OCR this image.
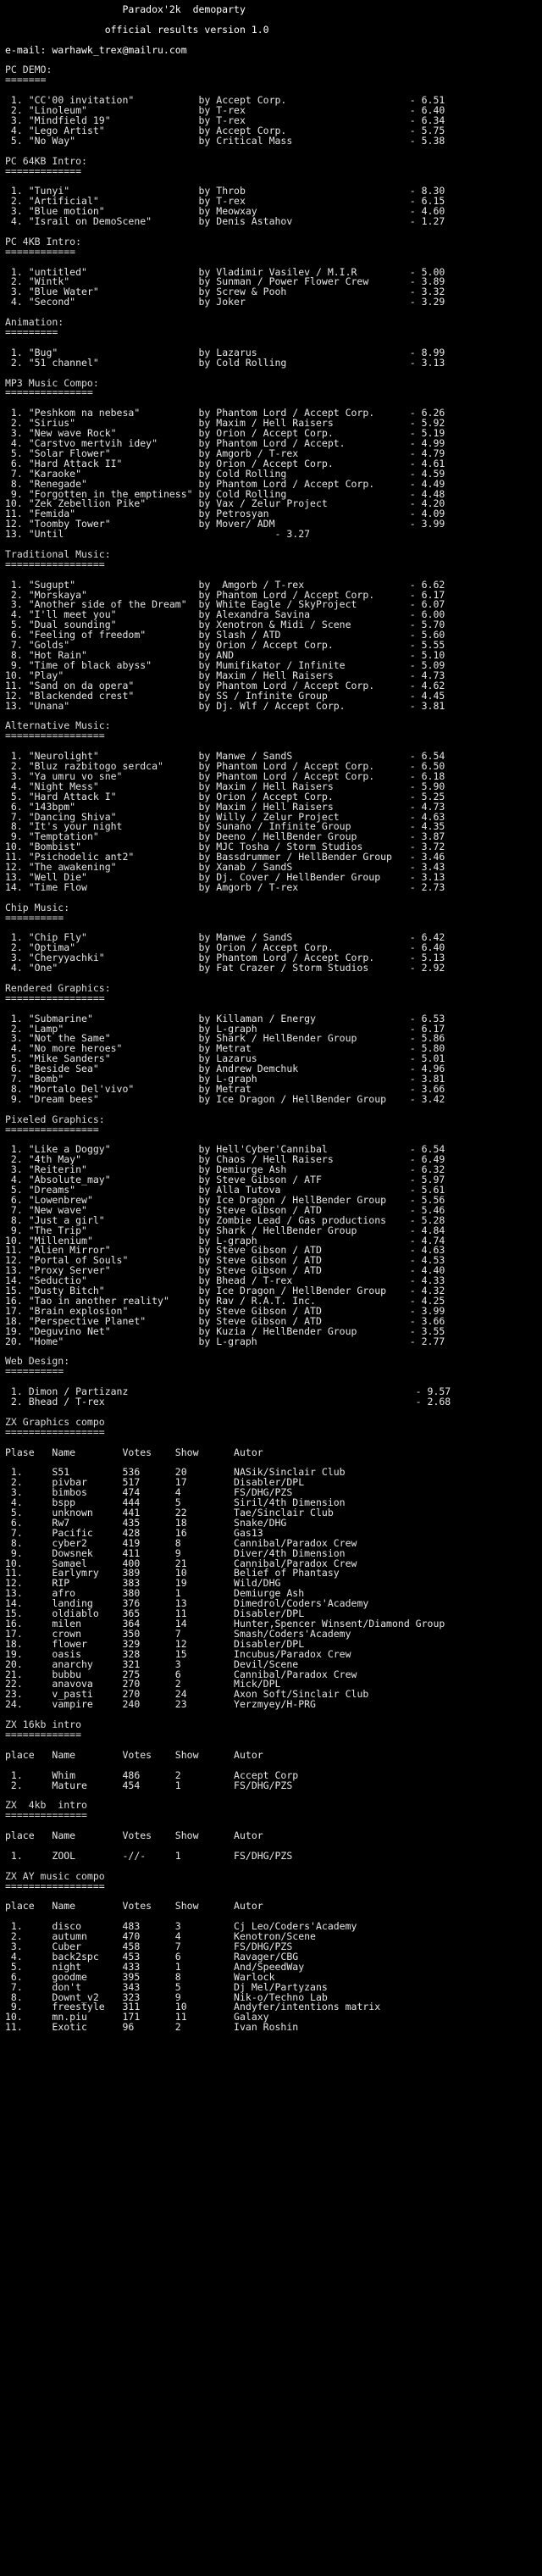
Paradox'2k  demoparty

official results version 1.0

e-mail: warhawk_trex@mailru.com

PC DEMO:
=======

1. "CC'00 invitation"           by Accept Corp.                     - 6.51
2. "Linoleum"                   by T-rex                            - 6.40
3. "Mindfield 19"               by T-rex                            - 6.34
4. "Lego Artist"                by Accept Corp.                     - 5.75
5. "No Way"                     by Critical Mass                    - 5.38

PC 64KB Intro:
=============

1. "Tunyi"                      by Throb                            - 8.30
2. "Artificial"                 by T-rex                            - 6.15
3. "Blue motion"                by Meowxay                          - 4.60
4. "Israil on DemoScene"        by Denis Astahov                    - 1.27

PC 4KB Intro:
============

1. "untitled"                   by Vladimir Vasilev / M.I.R         - 5.00
2. "Wintk"                      by Sunman / Power Flower Crew       - 3.89
3. "Blue Water"                 by Screw & Pooh                     - 3.32
4. "Second"                     by Joker                            - 3.29

Animation:
=========

1. "Bug"                        by Lazarus                          - 8.99
2. "51 channel"                 by Cold Rolling                     - 3.13

MP3 Music Compo:
===============

1. "Peshkom na nebesa"          by Phantom Lord / Accept Corp.      - 6.26
2. "Sirius"                     by Maxim / Hell Raisers             - 5.92
3. "New wave Rock"              by Orion / Accept Corp.             - 5.19
4. "Carstvo mertvih idey"       by Phantom Lord / Accept.           - 4.99
5. "Solar Flower"               by Amgorb / T-rex                   - 4.79
6. "Hard Attack II"             by Orion / Accept Corp.             - 4.61
7. "Karaoke"                    by Cold Rolling                     - 4.59
8. "Renegade"                   by Phantom Lord / Accept Corp.      - 4.49
9. "Forgotten in the emptiness" by Cold Rolling                     - 4.48
10. "Zek Zebellion Pike"         by Vax / Zelur Project              - 4.20
11. "Femida"                     by Petrosyan                        - 4.09
12. "Toomby Tower"               by Mover/ ADM                       - 3.99
13. "Until                                    - 3.27

Traditional Music:
=================

1. "Sugupt"                     by  Amgorb / T-rex                  - 6.62
2. "Morskaya"                   by Phantom Lord / Accept Corp.      - 6.17
3. "Another side of the Dream"  by White Eagle / SkyProject         - 6.07
4. "I'll meet you"              by Alexandra Savina                 - 6.00
5. "Dual sounding"              by Xenotron & Midi / Scene          - 5.70
6. "Feeling of freedom"         by Slash / ATD                      - 5.60
7. "Golds"                      by Orion / Accept Corp.             - 5.55
8. "Hot Rain"                   by AND                              - 5.10
9. "Time of black abyss"        by Mumifikator / Infinite           - 5.09
10. "Play"                       by Maxim / Hell Raisers             - 4.73
11. "Sand on da opera"           by Phantom Lord / Accept Corp.      - 4.62
12. "Blackended crest"           by SS / Infinite Group              - 4.45
13. "Unana"                      by Dj. Wlf / Accept Corp.           - 3.81

Alternative Music:
=================

1. "Neurolight"                 by Manwe / SandS                    - 6.54
2. "Bluz razbitogo serdca"      by Phantom Lord / Accept Corp.      - 6.50
3. "Ya umru vo sne"             by Phantom Lord / Accept Corp.      - 6.18
4. "Night Mess"                 by Maxim / Hell Raisers             - 5.90
5. "Hard Attack I"              by Orion / Accept Corp.             - 5.25
6. "143bpm"                     by Maxim / Hell Raisers             - 4.73
7. "Dancing Shiva"              by Willy / Zelur Project            - 4.63
8. "It's your night             by Sunano / Infinite Group          - 4.35
9. "Temptation"                 by Deeno / HellBender Group         - 3.87
10. "Bombist"                    by MJC Tosha / Storm Studios        - 3.72
11. "Psichodelic ant2"           by Bassdrummer / HellBender Group   - 3.46
12. "The awakening"              by Xanab / SandS                    - 3.43
13. "Well Die"                   by Dj. Cover / HellBender Group     - 3.13
14. "Time Flow                   by Amgorb / T-rex                   - 2.73

Chip Music:
==========

1. "Chip Fly"                   by Manwe / SandS                    - 6.42
2. "Optima"                     by Orion / Accept Corp.             - 6.40
3. "Cheryyachki"                by Phantom Lord / Accept Corp.      - 5.13
4. "One"                        by Fat Crazer / Storm Studios       - 2.92

Rendered Graphics:
=================

1. "Submarine"                  by Killaman / Energy                - 6.53
2. "Lamp"                       by L-graph                          - 6.17
3. "Not the Same"               by Shark / HellBender Group         - 5.86
4. "No more heroes"             by Metrat                           - 5.80
5. "Mike Sanders"               by Lazarus                          - 5.01
6. "Beside Sea"                 by Andrew Demchuk                   - 4.96
7. "Bomb"                       by L-graph                          - 3.81
8. "Mortalo Del'vivo"           by Metrat                           - 3.66
9. "Dream bees"                 by Ice Dragon / HellBender Group    - 3.42

Pixeled Graphics:
================

1. "Like a Doggy"               by Hell'Cyber'Cannibal              - 6.54
2. "4th May"                    by Chaos / Hell Raisers             - 6.49
3. "Reiterin"                   by Demiurge Ash                     - 6.32
4. "Absolute_may"               by Steve Gibson / ATF               - 5.97
5. "Dreams"                     by Alla Tutova                      - 5.61
6. "Lowenbrew"                  by Ice Dragon / HellBender Group    - 5.56
7. "New wave"                   by Steve Gibson / ATD               - 5.46
8. "Just a girl"                by Zombie Lead / Gas productions    - 5.28
9. "The Trip"                   by Shark / HellBender Group         - 4.84
10. "Millenium"                  by L-graph                          - 4.74
11. "Alien Mirror"               by Steve Gibson / ATD               - 4.63
12. "Portal of Souls"            by Steve Gibson / ATD               - 4.53
13. "Proxy Server"               by Steve Gibson / ATD               - 4.40
14. "Seductio"                   by Bhead / T-rex                    - 4.33
15. "Dusty Bitch"                by Ice Dragon / HellBender Group    - 4.32
16. "Tao in another reality"     by Rav / R.A.T. Inc.                - 4.25
17. "Brain explosion"            by Steve Gibson / ATD               - 3.99
18. "Perspective Planet"         by Steve Gibson / ATD               - 3.66
19. "Deguvino Net"               by Kuzia / HellBender Group         - 3.55
20. "Home"                       by L-graph                          - 2.77

Web Design:
==========

1. Dimon / Partizanz                                                 - 9.57
2. Bhead / T-rex                                                     - 2.68

ZX Graphics compo
=================

Plase   Name        Votes    Show      Autor

1.     S51         536      20        NASik/Sinclair Club
2.     pivbar      517      17        Disabler/DPL
3.     bimbos      474      4         FS/DHG/PZS
4.     bspp        444      5         Siril/4th Dimension
5.     unknown     441      22        Tae/Sinclair Club
6.     Rw7         435      18        Snake/DHG
7.     Pacific     428      16        Gas13
8.     cyber2      419      8         Cannibal/Paradox Crew
9.     Dowsnek     411      9         Diver/4th Dimension
10.     Samael      400      21        Cannibal/Paradox Crew
11.     Earlymry    389      10        Belief of Phantasy
12.     RIP         383      19        Wild/DHG
13.     afro        380      1         Demiurge Ash
14.     landing     376      13        Dimedrol/Coders'Academy
15.     oldiablo    365      11        Disabler/DPL
16.     milen       364      14        Hunter,Spencer Winsent/Diamond Group
17.     crown       350      7         Smash/Coders'Academy
18.     flower      329      12        Disabler/DPL
19.     oasis       328      15        Incubus/Paradox Crew
20.     anarchy     321      3         Devil/Scene
21.     bubbu       275      6         Cannibal/Paradox Crew
22.     anavova     270      2         Mick/DPL
23.     v_pasti     270      24        Axon Soft/Sinclair Club
24.     vampire     240      23        Yerzmyey/H-PRG

ZX 16kb intro
=============

place   Name        Votes    Show      Autor

1.     Whim        486      2         Accept Corp
2.     Mature      454      1         FS/DHG/PZS

ZX  4kb  intro
==============

place   Name        Votes    Show      Autor

1.     ZOOL        -//-     1         FS/DHG/PZS

ZX AY music compo
=================

place   Name        Votes    Show      Autor

1.     disco       483      3         Cj Leo/Coders'Academy
2.     autumn      470      4         Kenotron/Scene
3.     Cuber       458      7         FS/DHG/PZS
4.     back2spc    453      6         Ravager/CBG
5.     night       433      1         And/SpeedWay
6.     goodme      395      8         Warlock
7.     don't       343      5         Dj Mel/Partyzans
8.     Downt_v2    323      9         Nik-o/Techno Lab
9.     freestyle   311      10        Andyfer/intentions matrix
10.     mn.piu      171      11        Galaxy
11.     Exotic      96       2         Ivan Roshin
